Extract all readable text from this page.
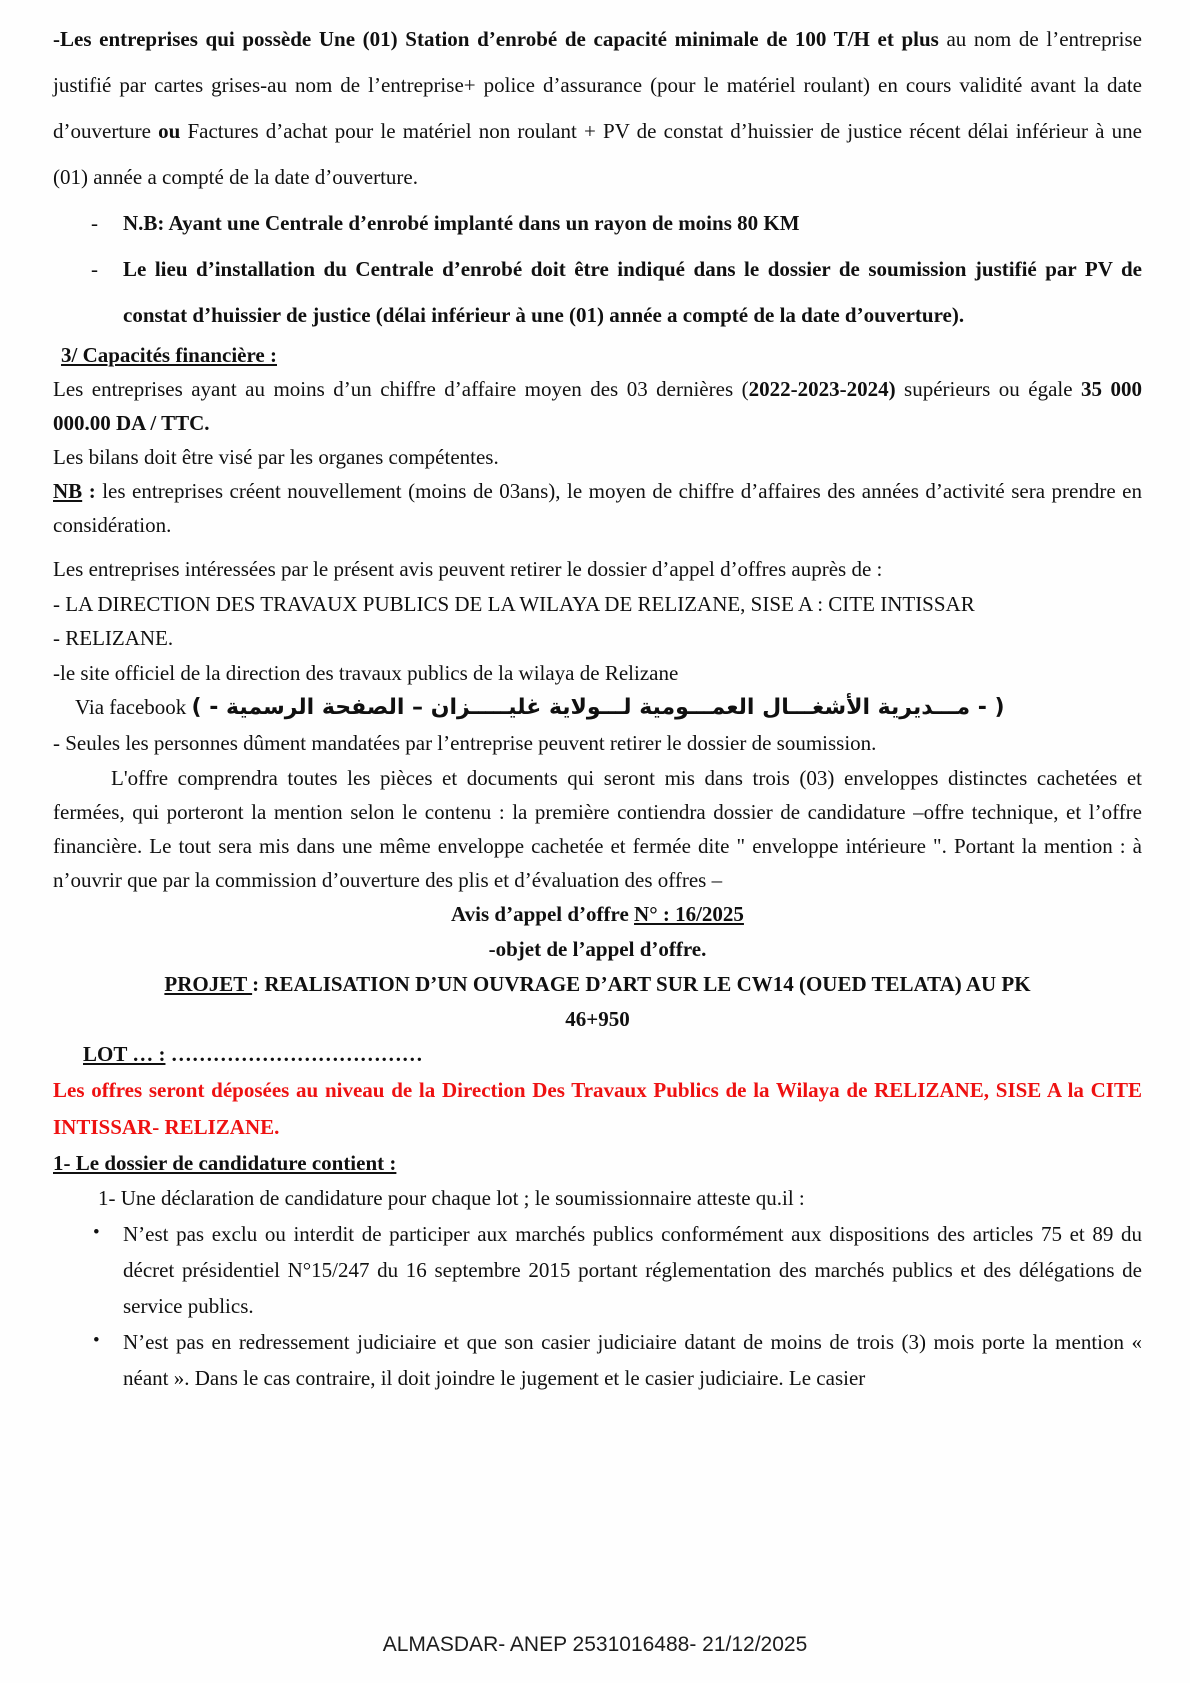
-Les entreprises qui possède Une (01) Station d’enrobé de capacité minimale de 100 T/H et plus au nom de l’entreprise justifié par cartes grises-au nom de l’entreprise+ police d’assurance (pour le matériel roulant) en cours validité avant la date d’ouverture ou Factures d’achat pour le matériel non roulant + PV de constat d’huissier de justice récent délai inférieur à une (01) année a compté de la date d’ouverture.

- N.B: Ayant une Centrale d’enrobé implanté dans un rayon de moins 80 KM
- Le lieu d’installation du Centrale d’enrobé doit être indiqué dans le dossier de soumission justifié par PV de constat d’huissier de justice (délai inférieur à une (01) année a compté de la date d’ouverture).

3/ Capacités financière :

Les entreprises ayant au moins d’un chiffre d’affaire moyen des 03 dernières (2022-2023-2024) supérieurs ou égale 35 000 000.00 DA / TTC.

Les bilans doit être visé par les organes compétentes.

NB : les entreprises créent nouvellement (moins de 03ans), le moyen de chiffre d’affaires des années d’activité sera prendre en considération.

Les entreprises intéressées par le présent avis peuvent retirer le dossier d’appel d’offres auprès de :

- LA DIRECTION DES TRAVAUX PUBLICS DE LA WILAYA DE RELIZANE, SISE A : CITE INTISSAR

- RELIZANE.

-le site officiel de la direction des travaux publics de la wilaya de Relizane

Via facebook ( - مـــديرية الأشغـــال العمـــومية لـــولاية غليـــــزان – الصفحة الرسمية - )

- Seules les personnes dûment mandatées par l’entreprise peuvent retirer le dossier de soumission.

L'offre comprendra toutes les pièces et documents qui seront mis dans trois (03) enveloppes distinctes cachetées et fermées, qui porteront la mention selon le contenu : la première contiendra dossier de candidature –offre technique, et l’offre financière. Le tout sera mis dans une même enveloppe cachetée et fermée dite " enveloppe intérieure ". Portant la mention : à n’ouvrir que par la commission d’ouverture des plis et d’évaluation des offres –

Avis d’appel d’offre N° : 16/2025

-objet de l’appel d’offre.

PROJET : REALISATION D’UN OUVRAGE D’ART SUR LE CW14 (OUED TELATA) AU PK
46+950

LOT … : ………………………………

Les offres seront déposées au niveau de la Direction Des Travaux Publics de la Wilaya de RELIZANE, SISE A la CITE INTISSAR- RELIZANE.

1- Le dossier de candidature contient :

1- Une déclaration de candidature pour chaque lot ; le soumissionnaire atteste qu.il :

• N’est pas exclu ou interdit de participer aux marchés publics conformément aux dispositions des articles 75 et 89 du décret présidentiel N°15/247 du 16 septembre 2015 portant réglementation des marchés publics et des délégations de service publics.
• N’est pas en redressement judiciaire et que son casier judiciaire datant de moins de trois (3) mois porte la mention « néant ». Dans le cas contraire, il doit joindre le jugement et le casier judiciaire. Le casier
ALMASDAR- ANEP 2531016488- 21/12/2025
